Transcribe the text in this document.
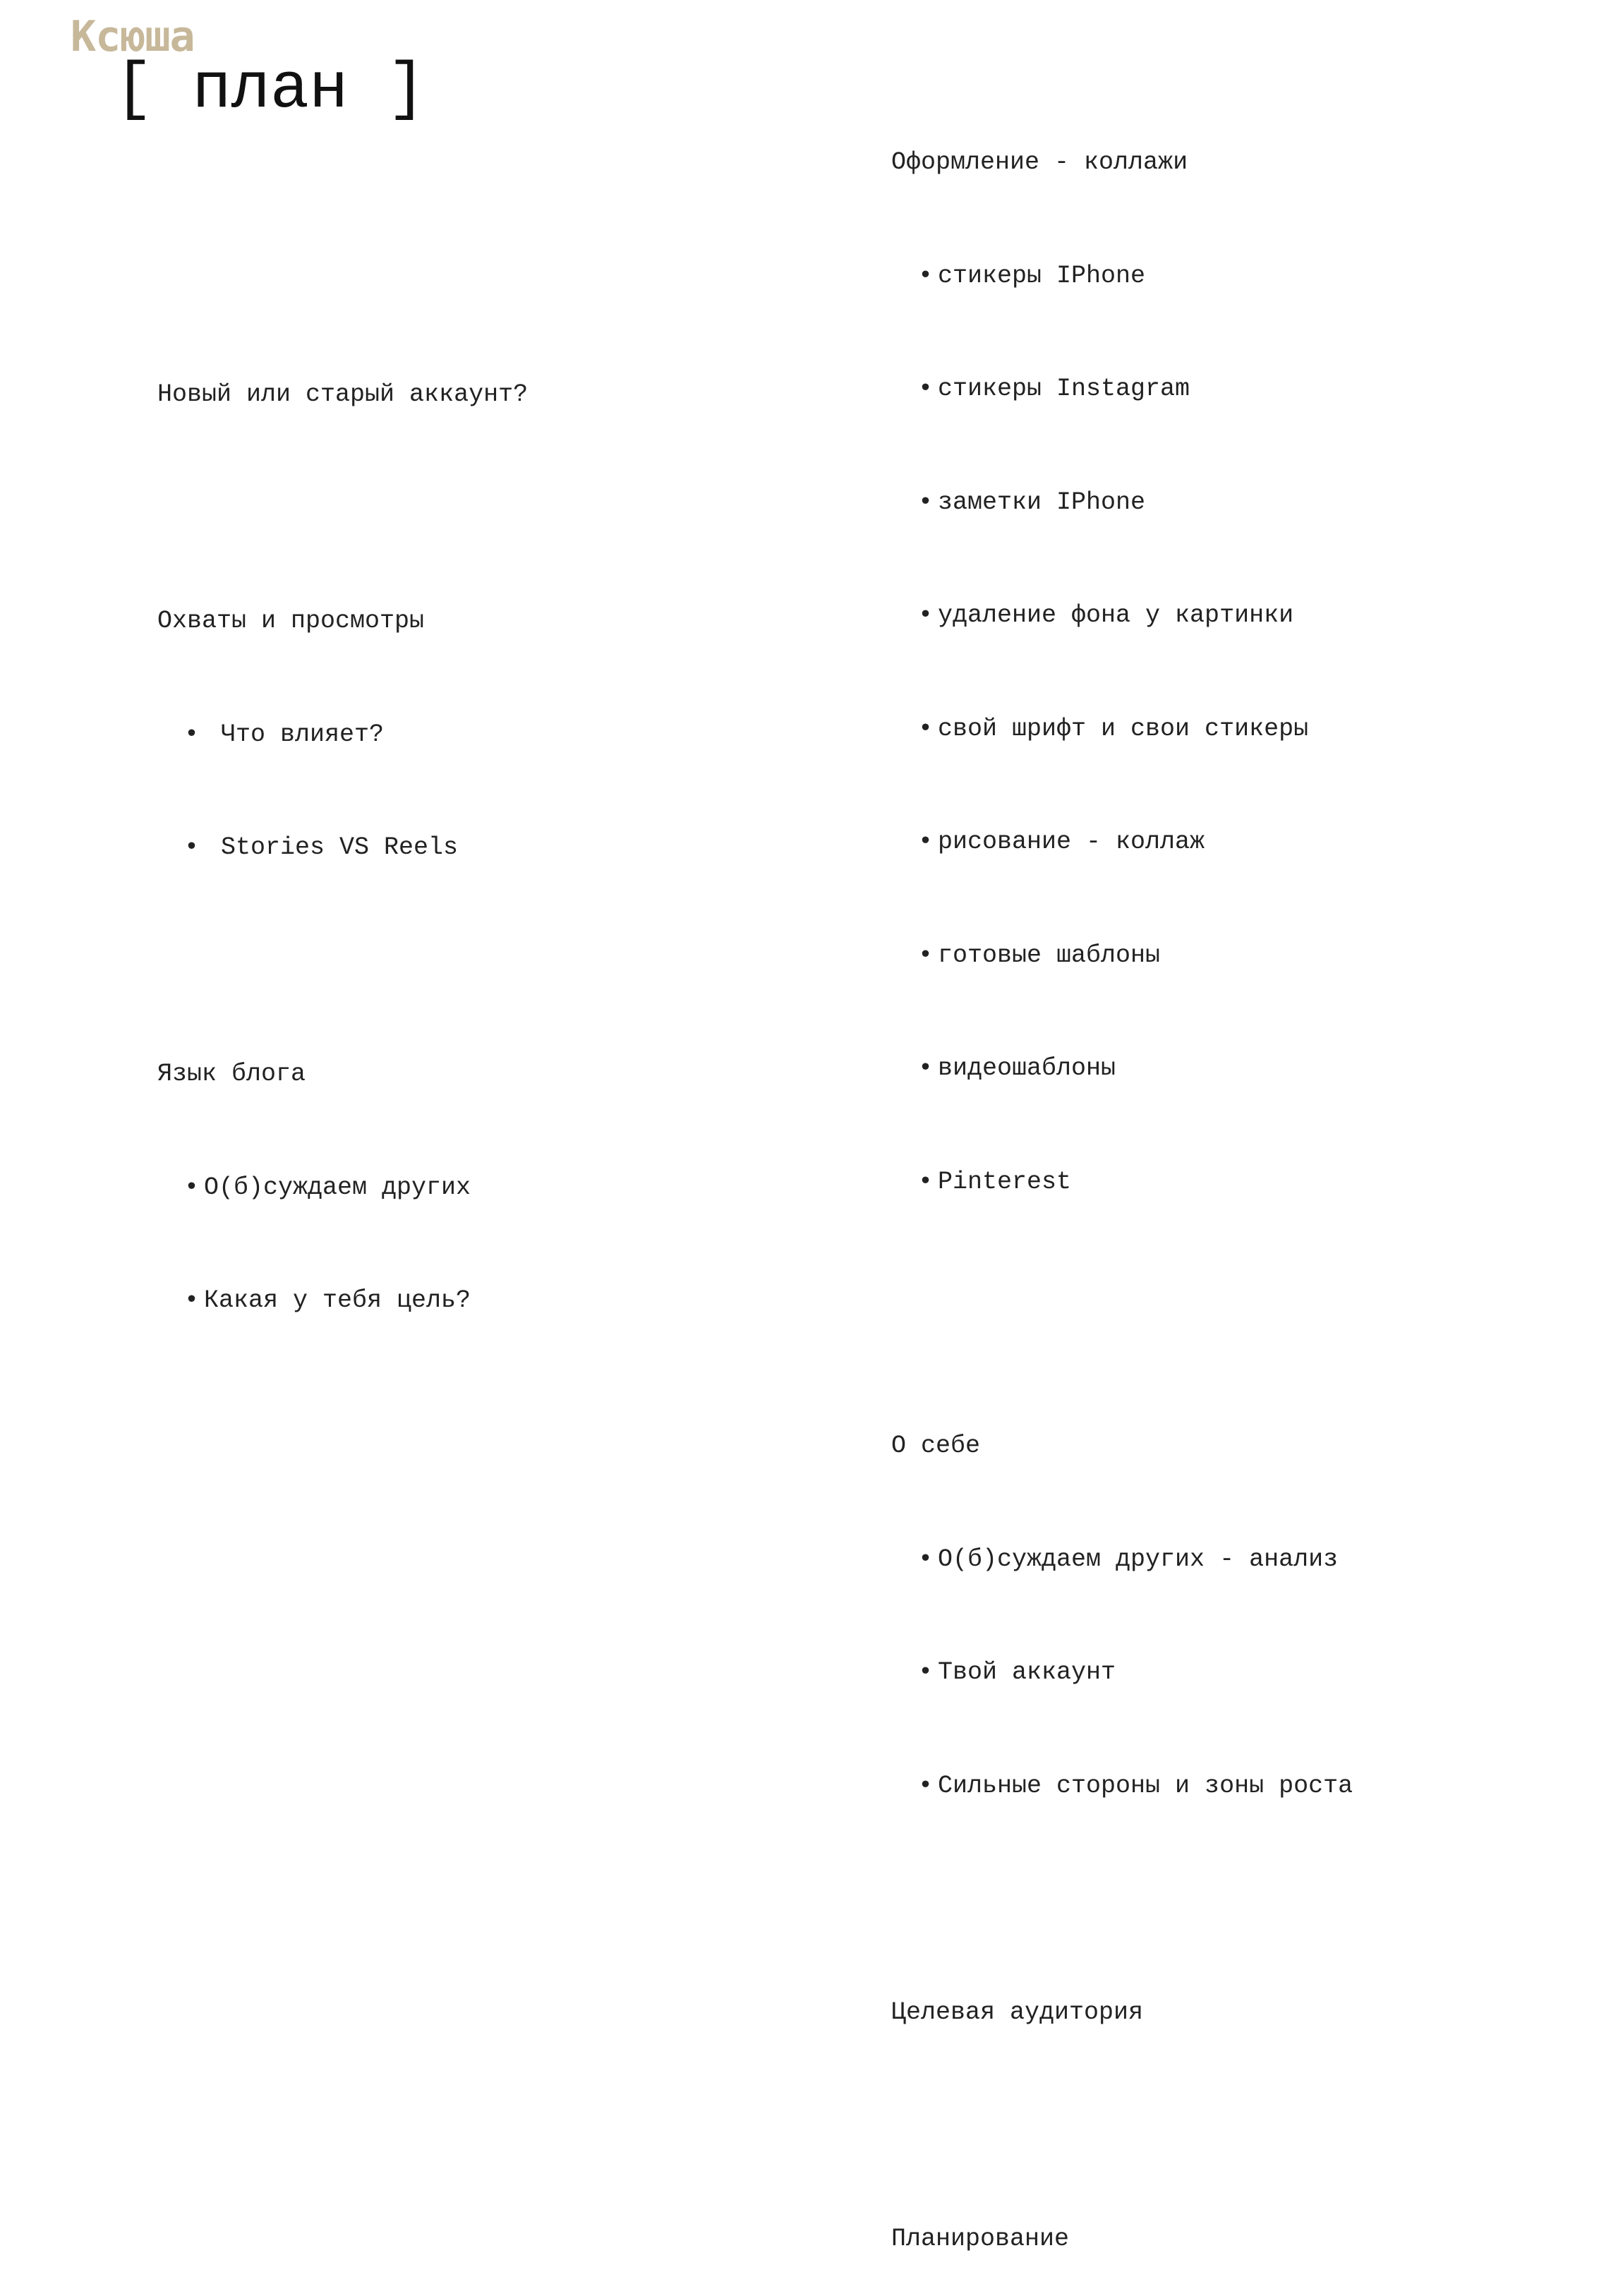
Ксюша
[ план ]

Новый или старый аккаунт?

Охваты и просмотры

•

Что влияет?

•

Stories VS Reels

Язык блога

•

О(б)суждаем других

•

Какая у тебя цель?

Оформление - коллажи

•

стикеры IPhone

•

стикеры Instagram

•

заметки IPhone

•

удаление фона у картинки

•

свой шрифт и свои стикеры

•

рисование - коллаж

•

готовые шаблоны

•

видеошаблоны

•

Pinterest

О себе

•

О(б)суждаем других - анализ

•

Твой аккаунт

•

Сильные стороны и зоны роста

Целевая аудитория

Планирование
